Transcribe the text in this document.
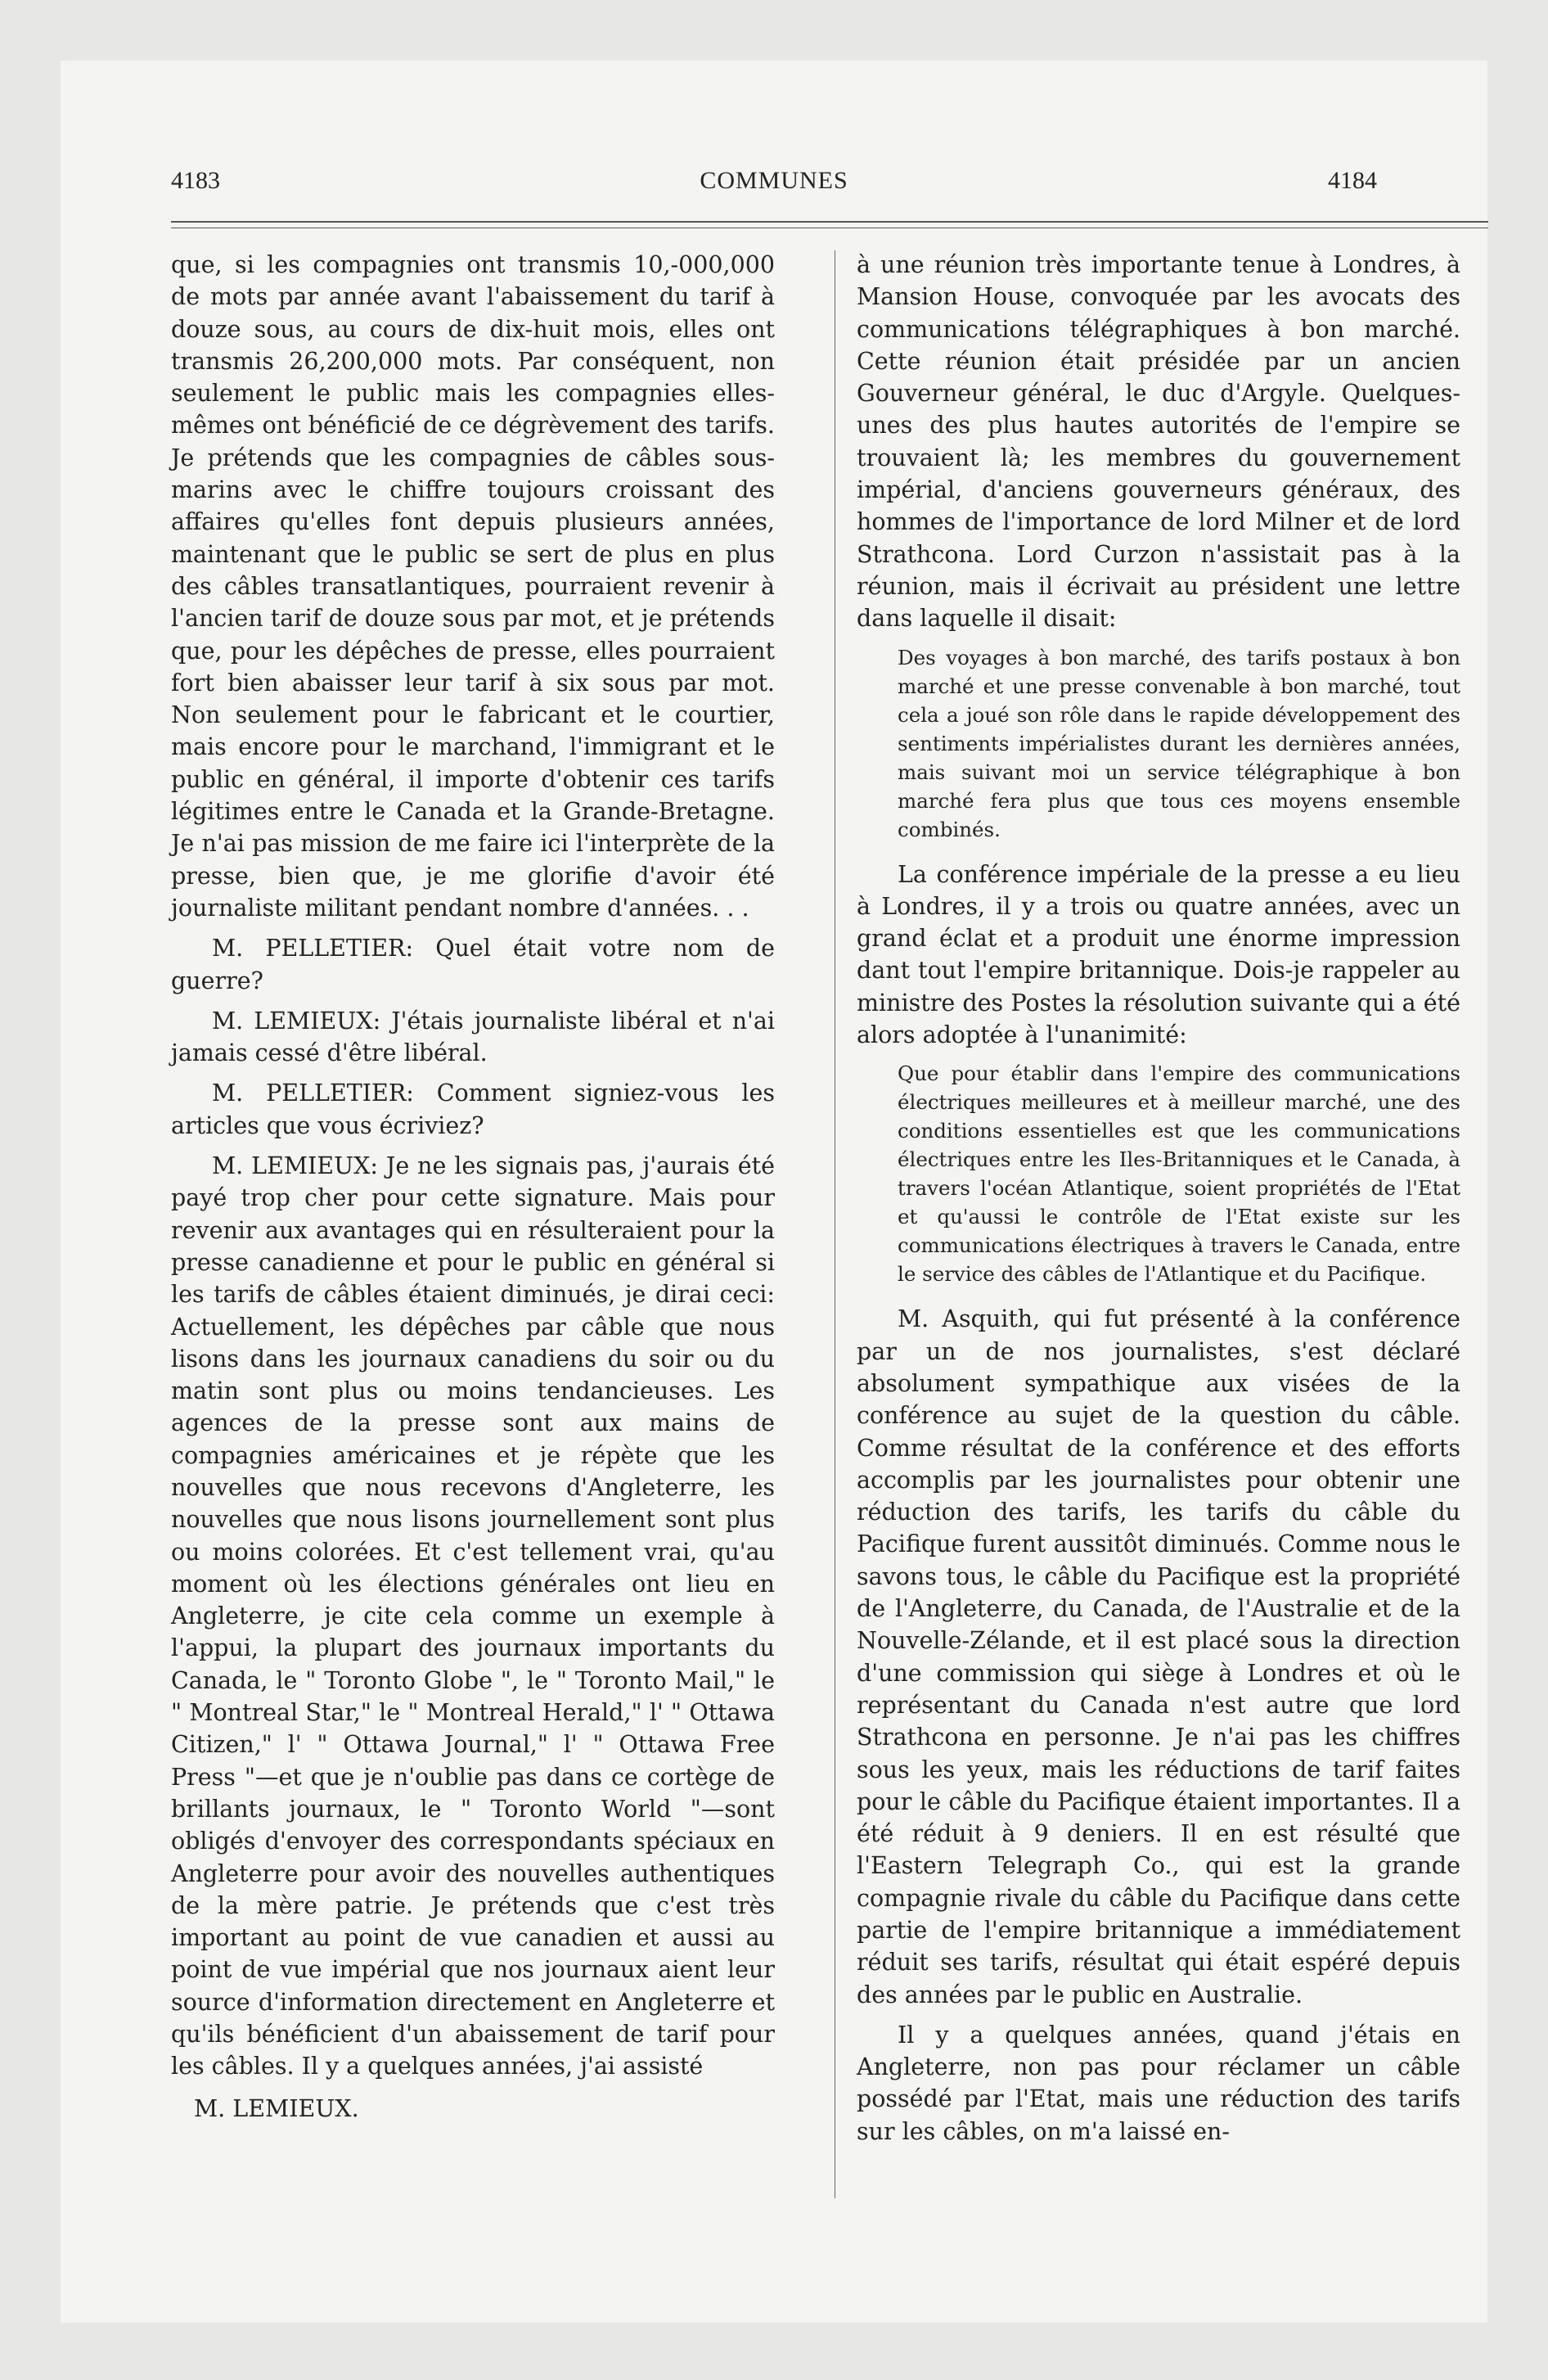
4183	COMMUNES	4184

que, si les compagnies ont transmis 10,-000,000 de mots par année avant l'abaissement du tarif à douze sous, au cours de dix-huit mois, elles ont transmis 26,200,000 mots. Par conséquent, non seulement le public mais les compagnies elles-mêmes ont bénéficié de ce dégrèvement des tarifs. Je prétends que les compagnies de câbles sous-marins avec le chiffre toujours croissant des affaires qu'elles font depuis plusieurs années, maintenant que le public se sert de plus en plus des câbles transatlantiques, pourraient revenir à l'ancien tarif de douze sous par mot, et je prétends que, pour les dépêches de presse, elles pourraient fort bien abaisser leur tarif à six sous par mot. Non seulement pour le fabricant et le courtier, mais encore pour le marchand, l'immigrant et le public en général, il importe d'obtenir ces tarifs légitimes entre le Canada et la Grande-Bretagne. Je n'ai pas mission de me faire ici l'interprète de la presse, bien que, je me glorifie d'avoir été journaliste militant pendant nombre d'années. . .

M. PELLETIER: Quel était votre nom de guerre?

M. LEMIEUX: J'étais journaliste libéral et n'ai jamais cessé d'être libéral.

M. PELLETIER: Comment signiez-vous les articles que vous écriviez?

M. LEMIEUX: Je ne les signais pas, j'aurais été payé trop cher pour cette signature. Mais pour revenir aux avantages qui en résulteraient pour la presse canadienne et pour le public en général si les tarifs de câbles étaient diminués, je dirai ceci: Actuellement, les dépêches par câble que nous lisons dans les journaux canadiens du soir ou du matin sont plus ou moins tendancieuses. Les agences de la presse sont aux mains de compagnies américaines et je répète que les nouvelles que nous recevons d'Angleterre, les nouvelles que nous lisons journellement sont plus ou moins colorées. Et c'est tellement vrai, qu'au moment où les élections générales ont lieu en Angleterre, je cite cela comme un exemple à l'appui, la plupart des journaux importants du Canada, le " Toronto Globe ", le " Toronto Mail," le " Montreal Star," le " Montreal Herald," l' " Ottawa Citizen," l' " Ottawa Journal," l' " Ottawa Free Press "—et que je n'oublie pas dans ce cortège de brillants journaux, le " Toronto World "—sont obligés d'envoyer des correspondants spéciaux en Angleterre pour avoir des nouvelles authentiques de la mère patrie. Je prétends que c'est très important au point de vue canadien et aussi au point de vue impérial que nos journaux aient leur source d'information directement en Angleterre et qu'ils bénéficient d'un abaissement de tarif pour les câbles. Il y a quelques années, j'ai assisté

M. LEMIEUX.

à une réunion très importante tenue à Londres, à Mansion House, convoquée par les avocats des communications télégraphiques à bon marché. Cette réunion était présidée par un ancien Gouverneur général, le duc d'Argyle. Quelques-unes des plus hautes autorités de l'empire se trouvaient là; les membres du gouvernement impérial, d'anciens gouverneurs généraux, des hommes de l'importance de lord Milner et de lord Strathcona. Lord Curzon n'assistait pas à la réunion, mais il écrivait au président une lettre dans laquelle il disait:

Des voyages à bon marché, des tarifs postaux à bon marché et une presse convenable à bon marché, tout cela a joué son rôle dans le rapide développement des sentiments impérialistes durant les dernières années, mais suivant moi un service télégraphique à bon marché fera plus que tous ces moyens ensemble combinés.

La conférence impériale de la presse a eu lieu à Londres, il y a trois ou quatre années, avec un grand éclat et a produit une énorme impression dant tout l'empire britannique. Dois-je rappeler au ministre des Postes la résolution suivante qui a été alors adoptée à l'unanimité:

Que pour établir dans l'empire des communications électriques meilleures et à meilleur marché, une des conditions essentielles est que les communications électriques entre les Iles-Britanniques et le Canada, à travers l'océan Atlantique, soient propriétés de l'Etat et qu'aussi le contrôle de l'Etat existe sur les communications électriques à travers le Canada, entre le service des câbles de l'Atlantique et du Pacifique.

M. Asquith, qui fut présenté à la conférence par un de nos journalistes, s'est déclaré absolument sympathique aux visées de la conférence au sujet de la question du câble. Comme résultat de la conférence et des efforts accomplis par les journalistes pour obtenir une réduction des tarifs, les tarifs du câble du Pacifique furent aussitôt diminués. Comme nous le savons tous, le câble du Pacifique est la propriété de l'Angleterre, du Canada, de l'Australie et de la Nouvelle-Zélande, et il est placé sous la direction d'une commission qui siège à Londres et où le représentant du Canada n'est autre que lord Strathcona en personne. Je n'ai pas les chiffres sous les yeux, mais les réductions de tarif faites pour le câble du Pacifique étaient importantes. Il a été réduit à 9 deniers. Il en est résulté que l'Eastern Telegraph Co., qui est la grande compagnie rivale du câble du Pacifique dans cette partie de l'empire britannique a immédiatement réduit ses tarifs, résultat qui était espéré depuis des années par le public en Australie.

Il y a quelques années, quand j'étais en Angleterre, non pas pour réclamer un câble possédé par l'Etat, mais une réduction des tarifs sur les câbles, on m'a laissé en-
